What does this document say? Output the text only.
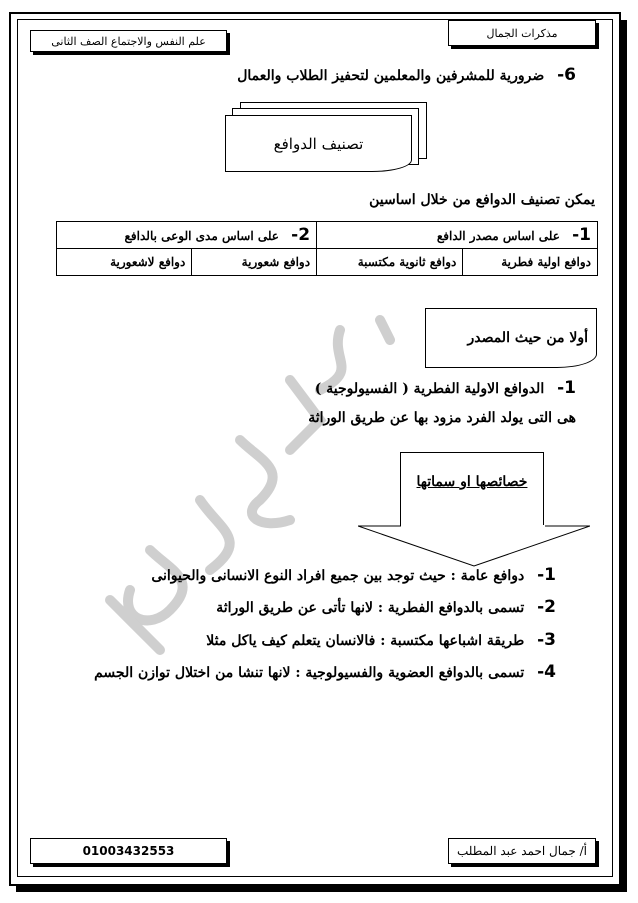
علم النفس والاجتماع الصف الثانى
مذكرات الجمال
6- ضرورية للمشرفين والمعلمين لتحفيز الطلاب والعمال
تصنيف الدوافع
يمكن تصنيف الدوافع من خلال اساسين
1- على اساس مصدر الدافع		2- على اساس مدى الوعى بالدافع	
دوافع اولية فطرية	دوافع ثانوية مكتسبة	دوافع شعورية	دوافع لاشعورية
أولا من حيث المصدر
1- الدوافع الاولية الفطرية ( الفسيولوجية )
هى التى يولد الفرد مزود بها عن طريق الوراثة
خصائصها او سماتها
1- دوافع عامة : حيث توجد بين جميع افراد النوع الانسانى والحيوانى
2- تسمى بالدوافع الفطرية : لانها تأتى عن طريق الوراثة
3- طريقة اشباعها مكتسبة : فالانسان يتعلم كيف ياكل مثلا
4- تسمى بالدوافع العضوية والفسيولوجية : لانها تنشا من اختلال توازن الجسم
01003432553	أ/ جمال احمد عبد المطلب
